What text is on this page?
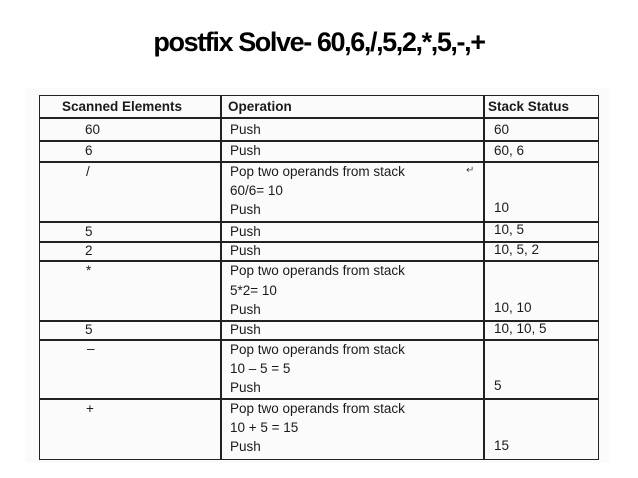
postfix Solve- 60,6,/,5,2,*,5,-,+
Scanned Elements	Operation	Stack Status
60	Push	60
6	Push	60, 6
/	Pop two operands from stack	↵
60/6= 10
Push	10
5	Push	10, 5
2	Push	10, 5, 2
*	Pop two operands from stack
5*2= 10
Push	10, 10
5	Push	10, 10, 5
–	Pop two operands from stack
10 – 5 = 5
Push	5
+	Pop two operands from stack
10 + 5 = 15
Push	15
